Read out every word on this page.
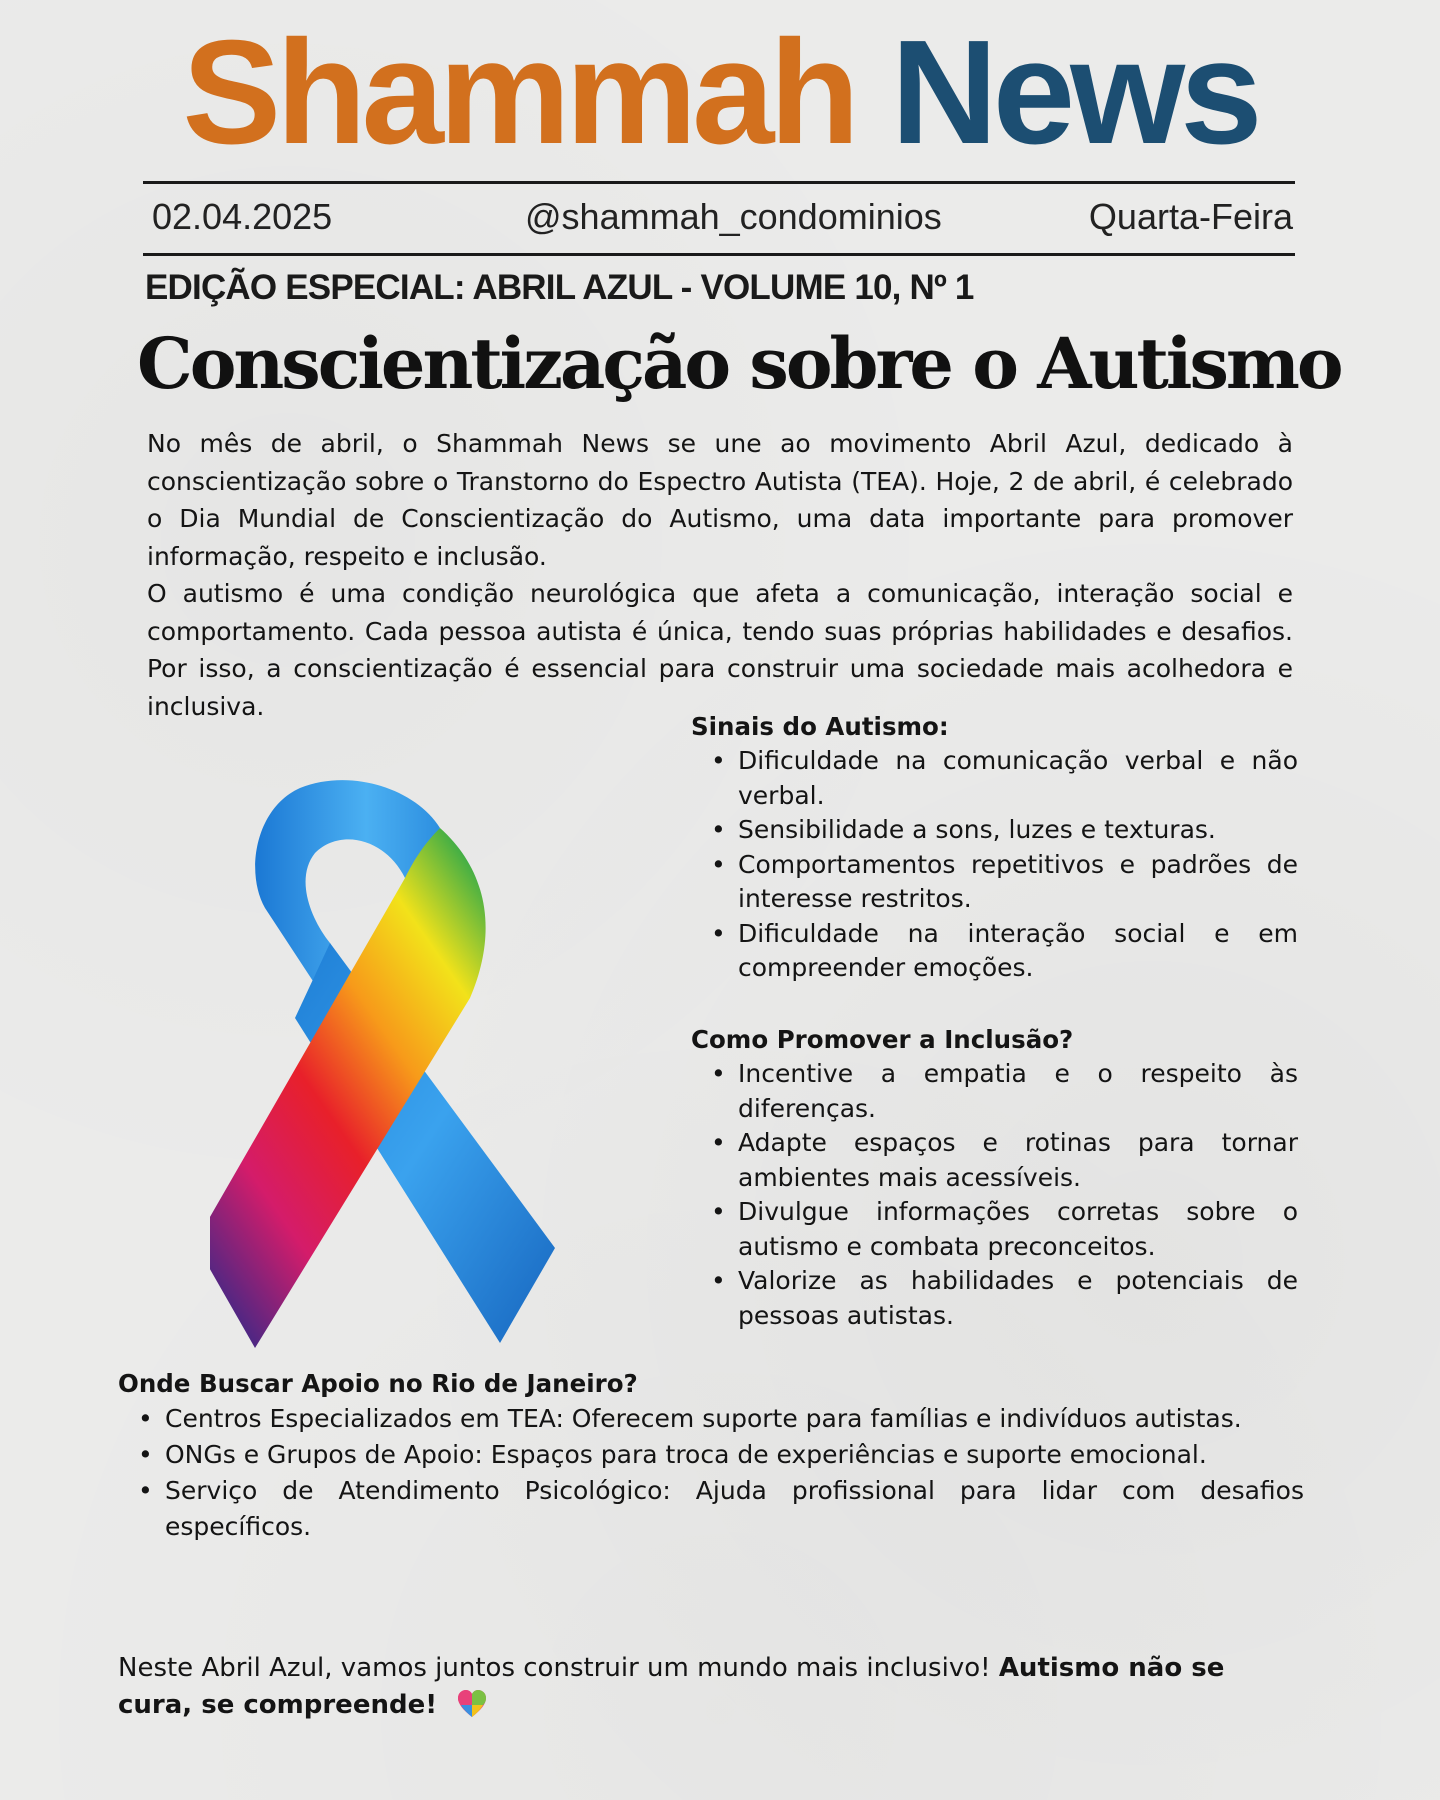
Shammah News
02.04.2025	@shammah_condominios	Quarta-Feira
EDIÇÃO ESPECIAL: ABRIL AZUL - VOLUME 10, Nº 1
Conscientização sobre o Autismo

No mês de abril, o Shammah News se une ao movimento Abril Azul, dedicado à conscientização sobre o Transtorno do Espectro Autista (TEA). Hoje, 2 de abril, é celebrado o Dia Mundial de Conscientização do Autismo, uma data importante para promover informação, respeito e inclusão.

O autismo é uma condição neurológica que afeta a comunicação, interação social e comportamento. Cada pessoa autista é única, tendo suas próprias habilidades e desafios. Por isso, a conscientização é essencial para construir uma sociedade mais acolhedora e inclusiva.

Sinais do Autismo:
• Dificuldade na comunicação verbal e não verbal.
• Sensibilidade a sons, luzes e texturas.
• Comportamentos repetitivos e padrões de interesse restritos.
• Dificuldade na interação social e em compreender emoções.
Como Promover a Inclusão?
• Incentive a empatia e o respeito às diferenças.
• Adapte espaços e rotinas para tornar ambientes mais acessíveis.
• Divulgue informações corretas sobre o autismo e combata preconceitos.
• Valorize as habilidades e potenciais de pessoas autistas.
Onde Buscar Apoio no Rio de Janeiro?
• Centros Especializados em TEA: Oferecem suporte para famílias e indivíduos autistas.
• ONGs e Grupos de Apoio: Espaços para troca de experiências e suporte emocional.
• Serviço de Atendimento Psicológico: Ajuda profissional para lidar com desafios específicos.

Neste Abril Azul, vamos juntos construir um mundo mais inclusivo! Autismo não se cura, se compreende!
